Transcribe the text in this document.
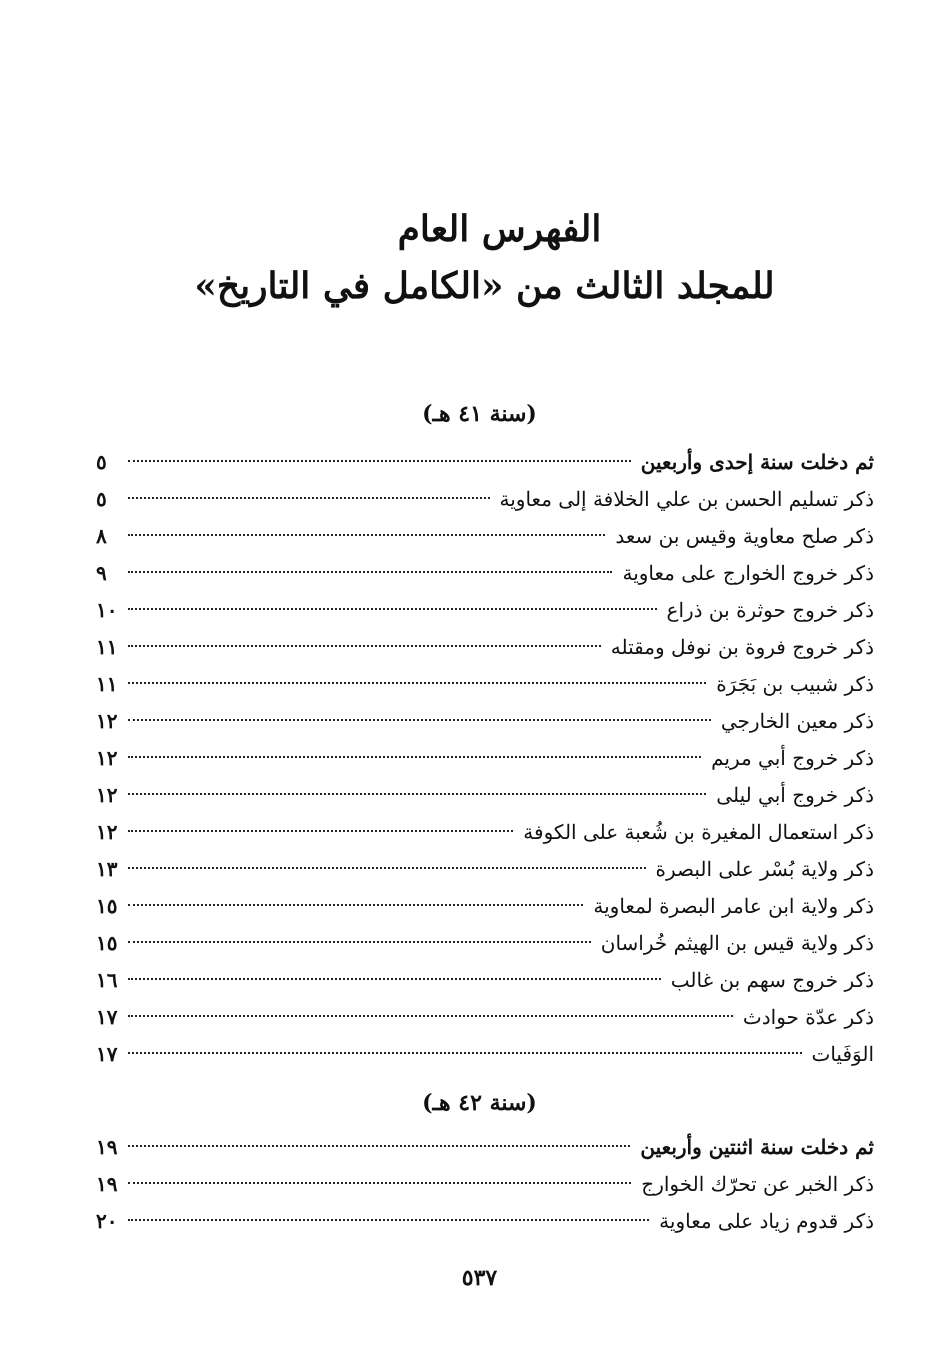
الفهرس العام
للمجلد الثالث من «الكامل في التاريخ»
(سنة ٤١ هـ)
ثم دخلت سنة إحدى وأربعين
٥
ذكر تسليم الحسن بن علي الخلافة إلى معاوية
٥
ذكر صلح معاوية وقيس بن سعد
٨
ذكر خروج الخوارج على معاوية
٩
ذكر خروج حوثرة بن ذراع
١٠
ذكر خروج فروة بن نوفل ومقتله
١١
ذكر شبيب بن بَجَرَة
١١
ذكر معين الخارجي
١٢
ذكر خروج أبي مريم
١٢
ذكر خروج أبي ليلى
١٢
ذكر استعمال المغيرة بن شُعبة على الكوفة
١٢
ذكر ولاية بُسْر على البصرة
١٣
ذكر ولاية ابن عامر البصرة لمعاوية
١٥
ذكر ولاية قيس بن الهيثم خُراسان
١٥
ذكر خروج سهم بن غالب
١٦
ذكر عدّة حوادث
١٧
الوَفَيات
١٧
(سنة ٤٢ هـ)
ثم دخلت سنة اثنتين وأربعين
١٩
ذكر الخبر عن تحرّك الخوارج
١٩
ذكر قدوم زياد على معاوية
٢٠
٥٣٧
